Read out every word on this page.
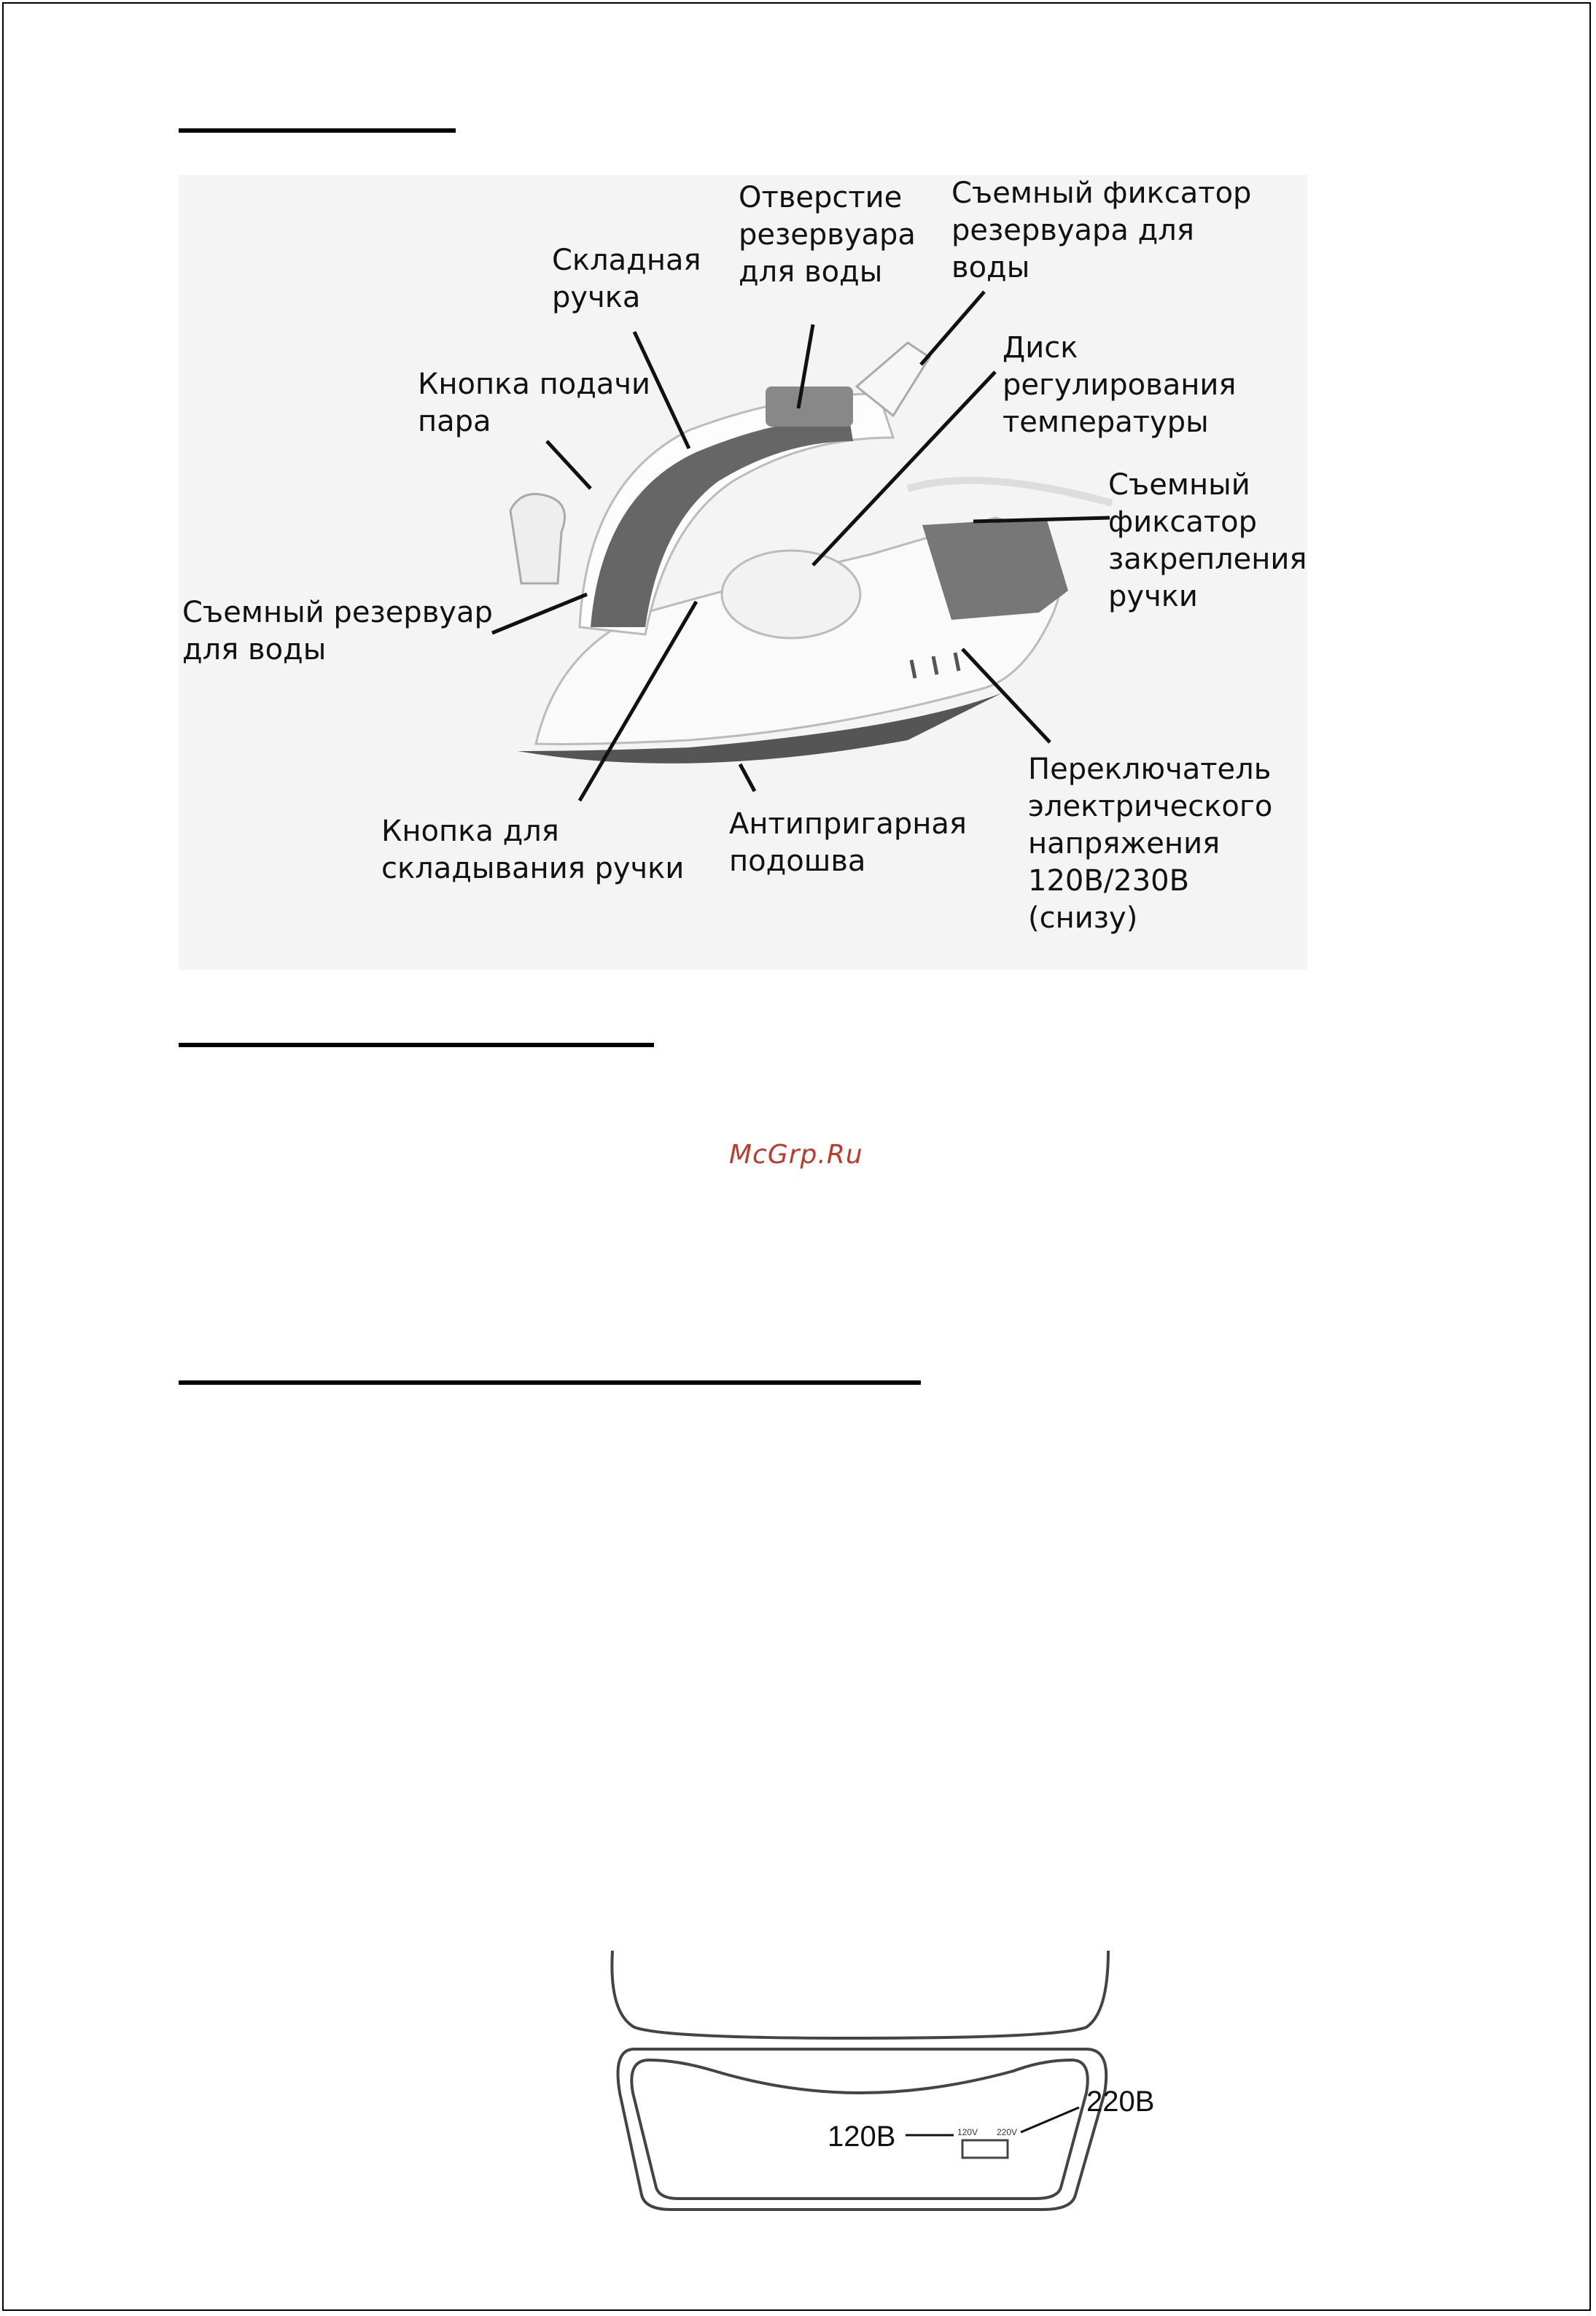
Складная
ручка
Отверстие
резервуара
для воды
Съемный фиксатор
резервуара для
воды
Кнопка подачи
пара
Диск
регулирования
температуры
Съемный
фиксатор
закрепления
ручки
Съемный резервуар
для воды
Кнопка для
складывания ручки
Антипригарная
подошва
Переключатель
электрического
напряжения
120В/230В
(снизу)
McGrp.Ru
120V 220V
220В
120В
